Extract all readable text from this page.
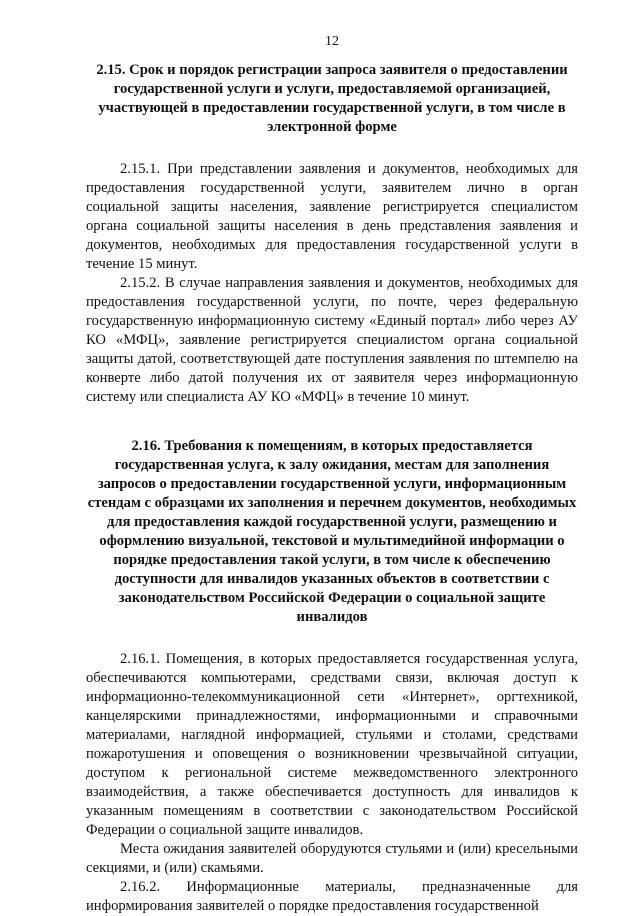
12
2.15. Срок и порядок регистрации запроса заявителя о предоставлении государственной услуги и услуги, предоставляемой организацией, участвующей в предоставлении государственной услуги, в том числе в электронной форме

2.15.1. При представлении заявления и документов, необходимых для предоставления государственной услуги, заявителем лично в орган социальной защиты населения, заявление регистрируется специалистом органа социальной защиты населения в день представления заявления и документов, необходимых для предоставления государственной услуги в течение 15 минут.

2.15.2. В случае направления заявления и документов, необходимых для предоставления государственной услуги, по почте, через федеральную государственную информационную систему «Единый портал» либо через АУ КО «МФЦ», заявление регистрируется специалистом органа социальной защиты датой, соответствующей дате поступления заявления по штемпелю на конверте либо датой получения их от заявителя через информационную систему или специалиста АУ КО «МФЦ» в течение 10 минут.

2.16. Требования к помещениям, в которых предоставляется государственная услуга, к залу ожидания, местам для заполнения запросов о предоставлении государственной услуги, информационным стендам с образцами их заполнения и перечнем документов, необходимых для предоставления каждой государственной услуги, размещению и оформлению визуальной, текстовой и мультимедийной информации о порядке предоставления такой услуги, в том числе к обеспечению доступности для инвалидов указанных объектов в соответствии с законодательством Российской Федерации о социальной защите инвалидов

2.16.1. Помещения, в которых предоставляется государственная услуга, обеспечиваются компьютерами, средствами связи, включая доступ к информационно-телекоммуникационной сети «Интернет», оргтехникой, канцелярскими принадлежностями, информационными и справочными материалами, наглядной информацией, стульями и столами, средствами пожаротушения и оповещения о возникновении чрезвычайной ситуации, доступом к региональной системе межведомственного электронного взаимодействия, а также обеспечивается доступность для инвалидов к указанным помещениям в соответствии с законодательством Российской Федерации о социальной защите инвалидов.

Места ожидания заявителей оборудуются стульями и (или) кресельными секциями, и (или) скамьями.

2.16.2. Информационные материалы, предназначенные для информирования заявителей о порядке предоставления государственной
